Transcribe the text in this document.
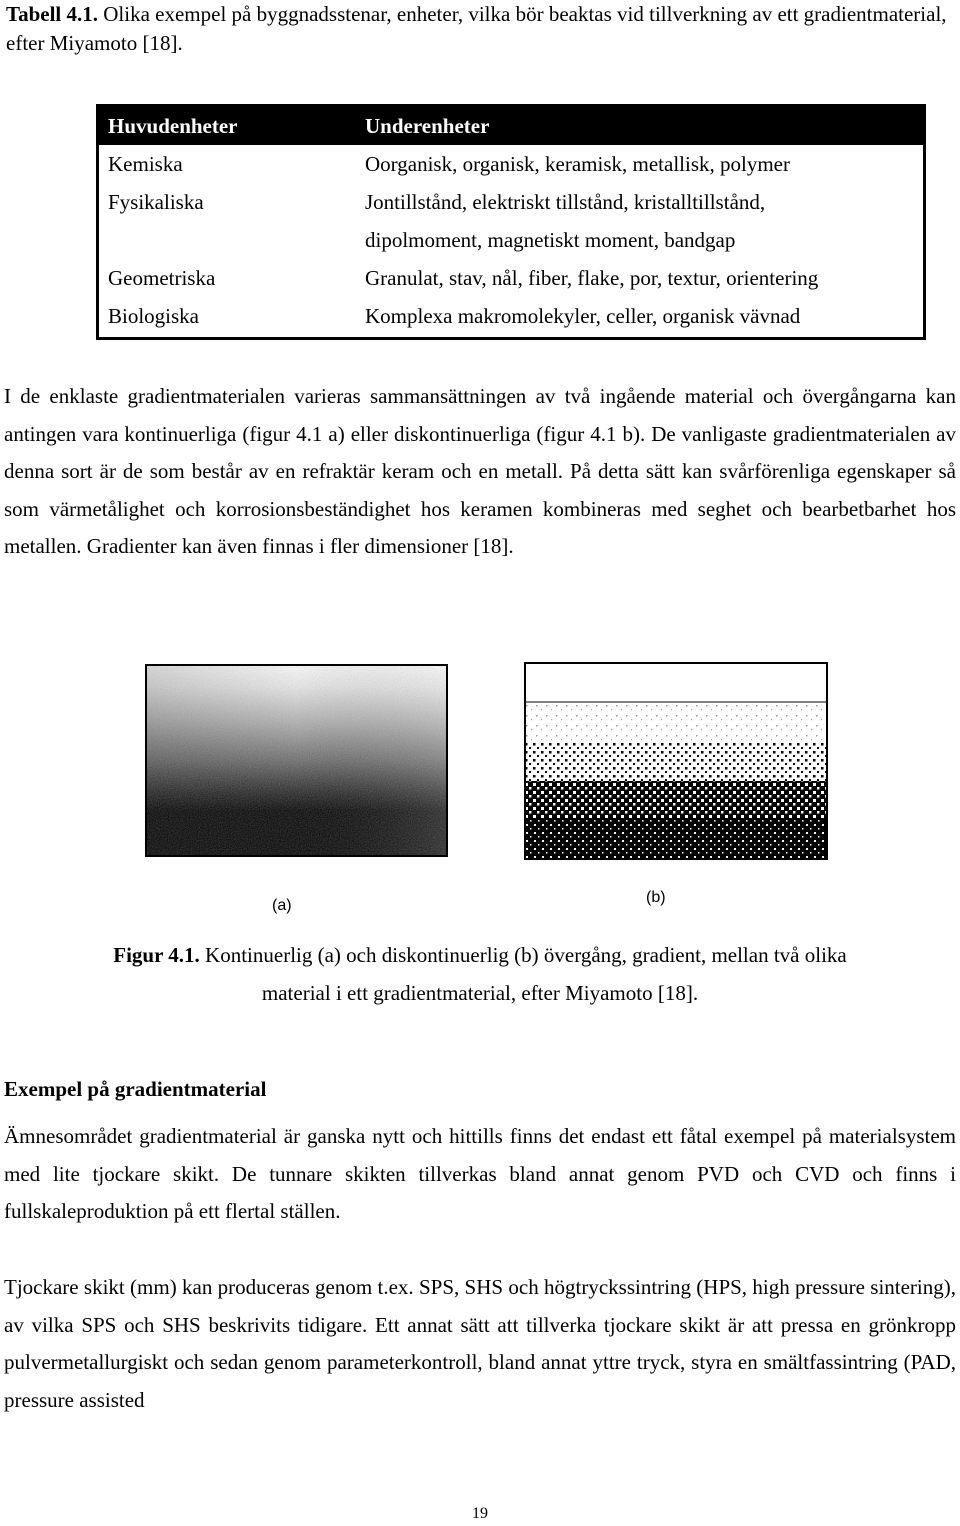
Tabell 4.1. Olika exempel på byggnadsstenar, enheter, vilka bör beaktas vid tillverkning av ett gradientmaterial, efter Miyamoto [18].
Huvudenheter	Underenheter
Kemiska	Oorganisk, organisk, keramisk, metallisk, polymer
Fysikaliska	Jontillstånd, elektriskt tillstånd, kristalltillstånd,
	dipolmoment, magnetiskt moment, bandgap
Geometriska	Granulat, stav, nål, fiber, flake, por, textur, orientering
Biologiska	Komplexa makromolekyler, celler, organisk vävnad
I de enklaste gradientmaterialen varieras sammansättningen av två ingående material och övergångarna kan antingen vara kontinuerliga (figur 4.1 a) eller diskontinuerliga (figur 4.1 b). De vanligaste gradientmaterialen av denna sort är de som består av en refraktär keram och en metall. På detta sätt kan svårförenliga egenskaper så som värmetålighet och korrosionsbeständighet hos keramen kombineras med seghet och bearbetbarhet hos metallen. Gradienter kan även finnas i fler dimensioner [18].
(a)	(b)
Figur 4.1. Kontinuerlig (a) och diskontinuerlig (b) övergång, gradient, mellan två olika
material i ett gradientmaterial, efter Miyamoto [18].
Exempel på gradientmaterial
Ämnesområdet gradientmaterial är ganska nytt och hittills finns det endast ett fåtal exempel på materialsystem med lite tjockare skikt. De tunnare skikten tillverkas bland annat genom PVD och CVD och finns i fullskaleproduktion på ett flertal ställen.
Tjockare skikt (mm) kan produceras genom t.ex. SPS, SHS och högtryckssintring (HPS, high pressure sintering), av vilka SPS och SHS beskrivits tidigare. Ett annat sätt att tillverka tjockare skikt är att pressa en grönkropp pulvermetallurgiskt och sedan genom parameterkontroll, bland annat yttre tryck, styra en smältfassintring (PAD, pressure assisted
19
